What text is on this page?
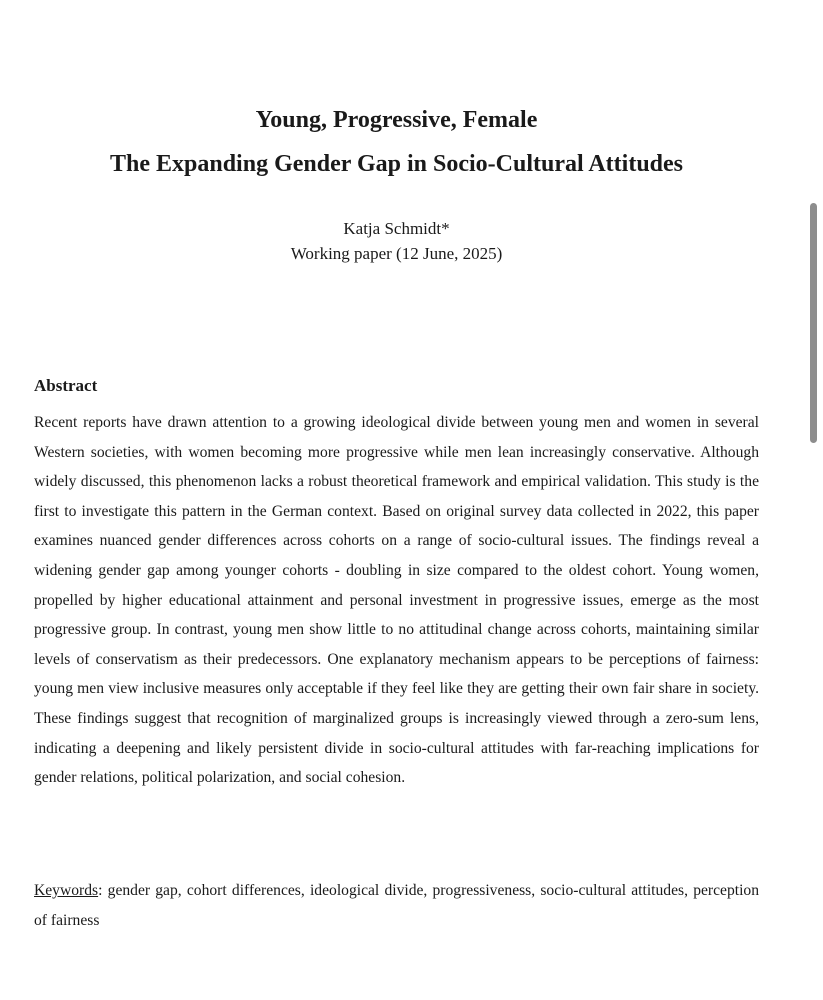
Young, Progressive, Female

The Expanding Gender Gap in Socio-Cultural Attitudes

Katja Schmidt*
Working paper (12 June, 2025)

Abstract

Recent reports have drawn attention to a growing ideological divide between young men and women in several Western societies, with women becoming more progressive while men lean increasingly conservative. Although widely discussed, this phenomenon lacks a robust theoretical framework and empirical validation. This study is the first to investigate this pattern in the German context. Based on original survey data collected in 2022, this paper examines nuanced gender differences across cohorts on a range of socio-cultural issues. The findings reveal a widening gender gap among younger cohorts - doubling in size compared to the oldest cohort. Young women, propelled by higher educational attainment and personal investment in progressive issues, emerge as the most progressive group. In contrast, young men show little to no attitudinal change across cohorts, maintaining similar levels of conservatism as their predecessors. One explanatory mechanism appears to be perceptions of fairness: young men view inclusive measures only acceptable if they feel like they are getting their own fair share in society. These findings suggest that recognition of marginalized groups is increasingly viewed through a zero-sum lens, indicating a deepening and likely persistent divide in socio-cultural attitudes with far-reaching implications for gender relations, political polarization, and social cohesion.

Keywords: gender gap, cohort differences, ideological divide, progressiveness, socio-cultural attitudes, perception of fairness
